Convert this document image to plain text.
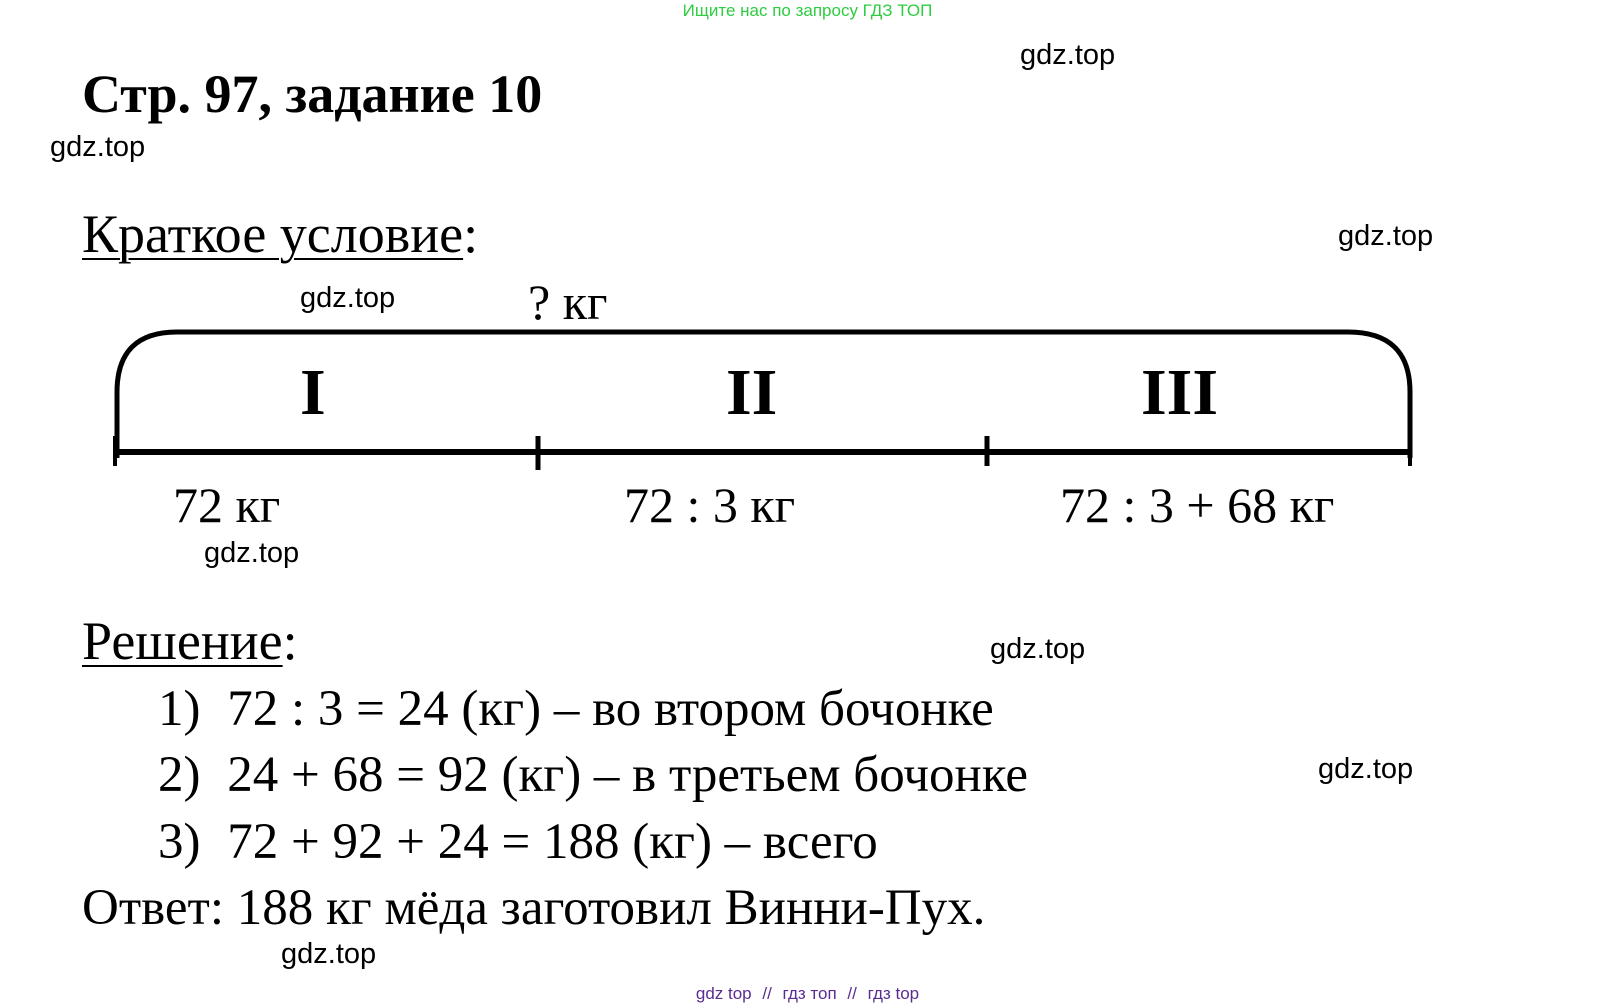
Ищите нас по запросу ГДЗ ТОП
gdz.top
gdz.top
gdz.top
gdz.top
gdz.top
gdz.top
gdz.top
gdz.top
Стр. 97, задание 10
Краткое условие:
? кг
I	II	III
72 кг	72 : 3 кг	72 : 3 + 68 кг
Решение:
1) 72 : 3 = 24 (кг) – во втором бочонке
2) 24 + 68 = 92 (кг) – в третьем бочонке
3) 72 + 92 + 24 = 188 (кг) – всего
Ответ: 188 кг мёда заготовил Винни-Пух.
gdz top // гдз топ // гдз top
